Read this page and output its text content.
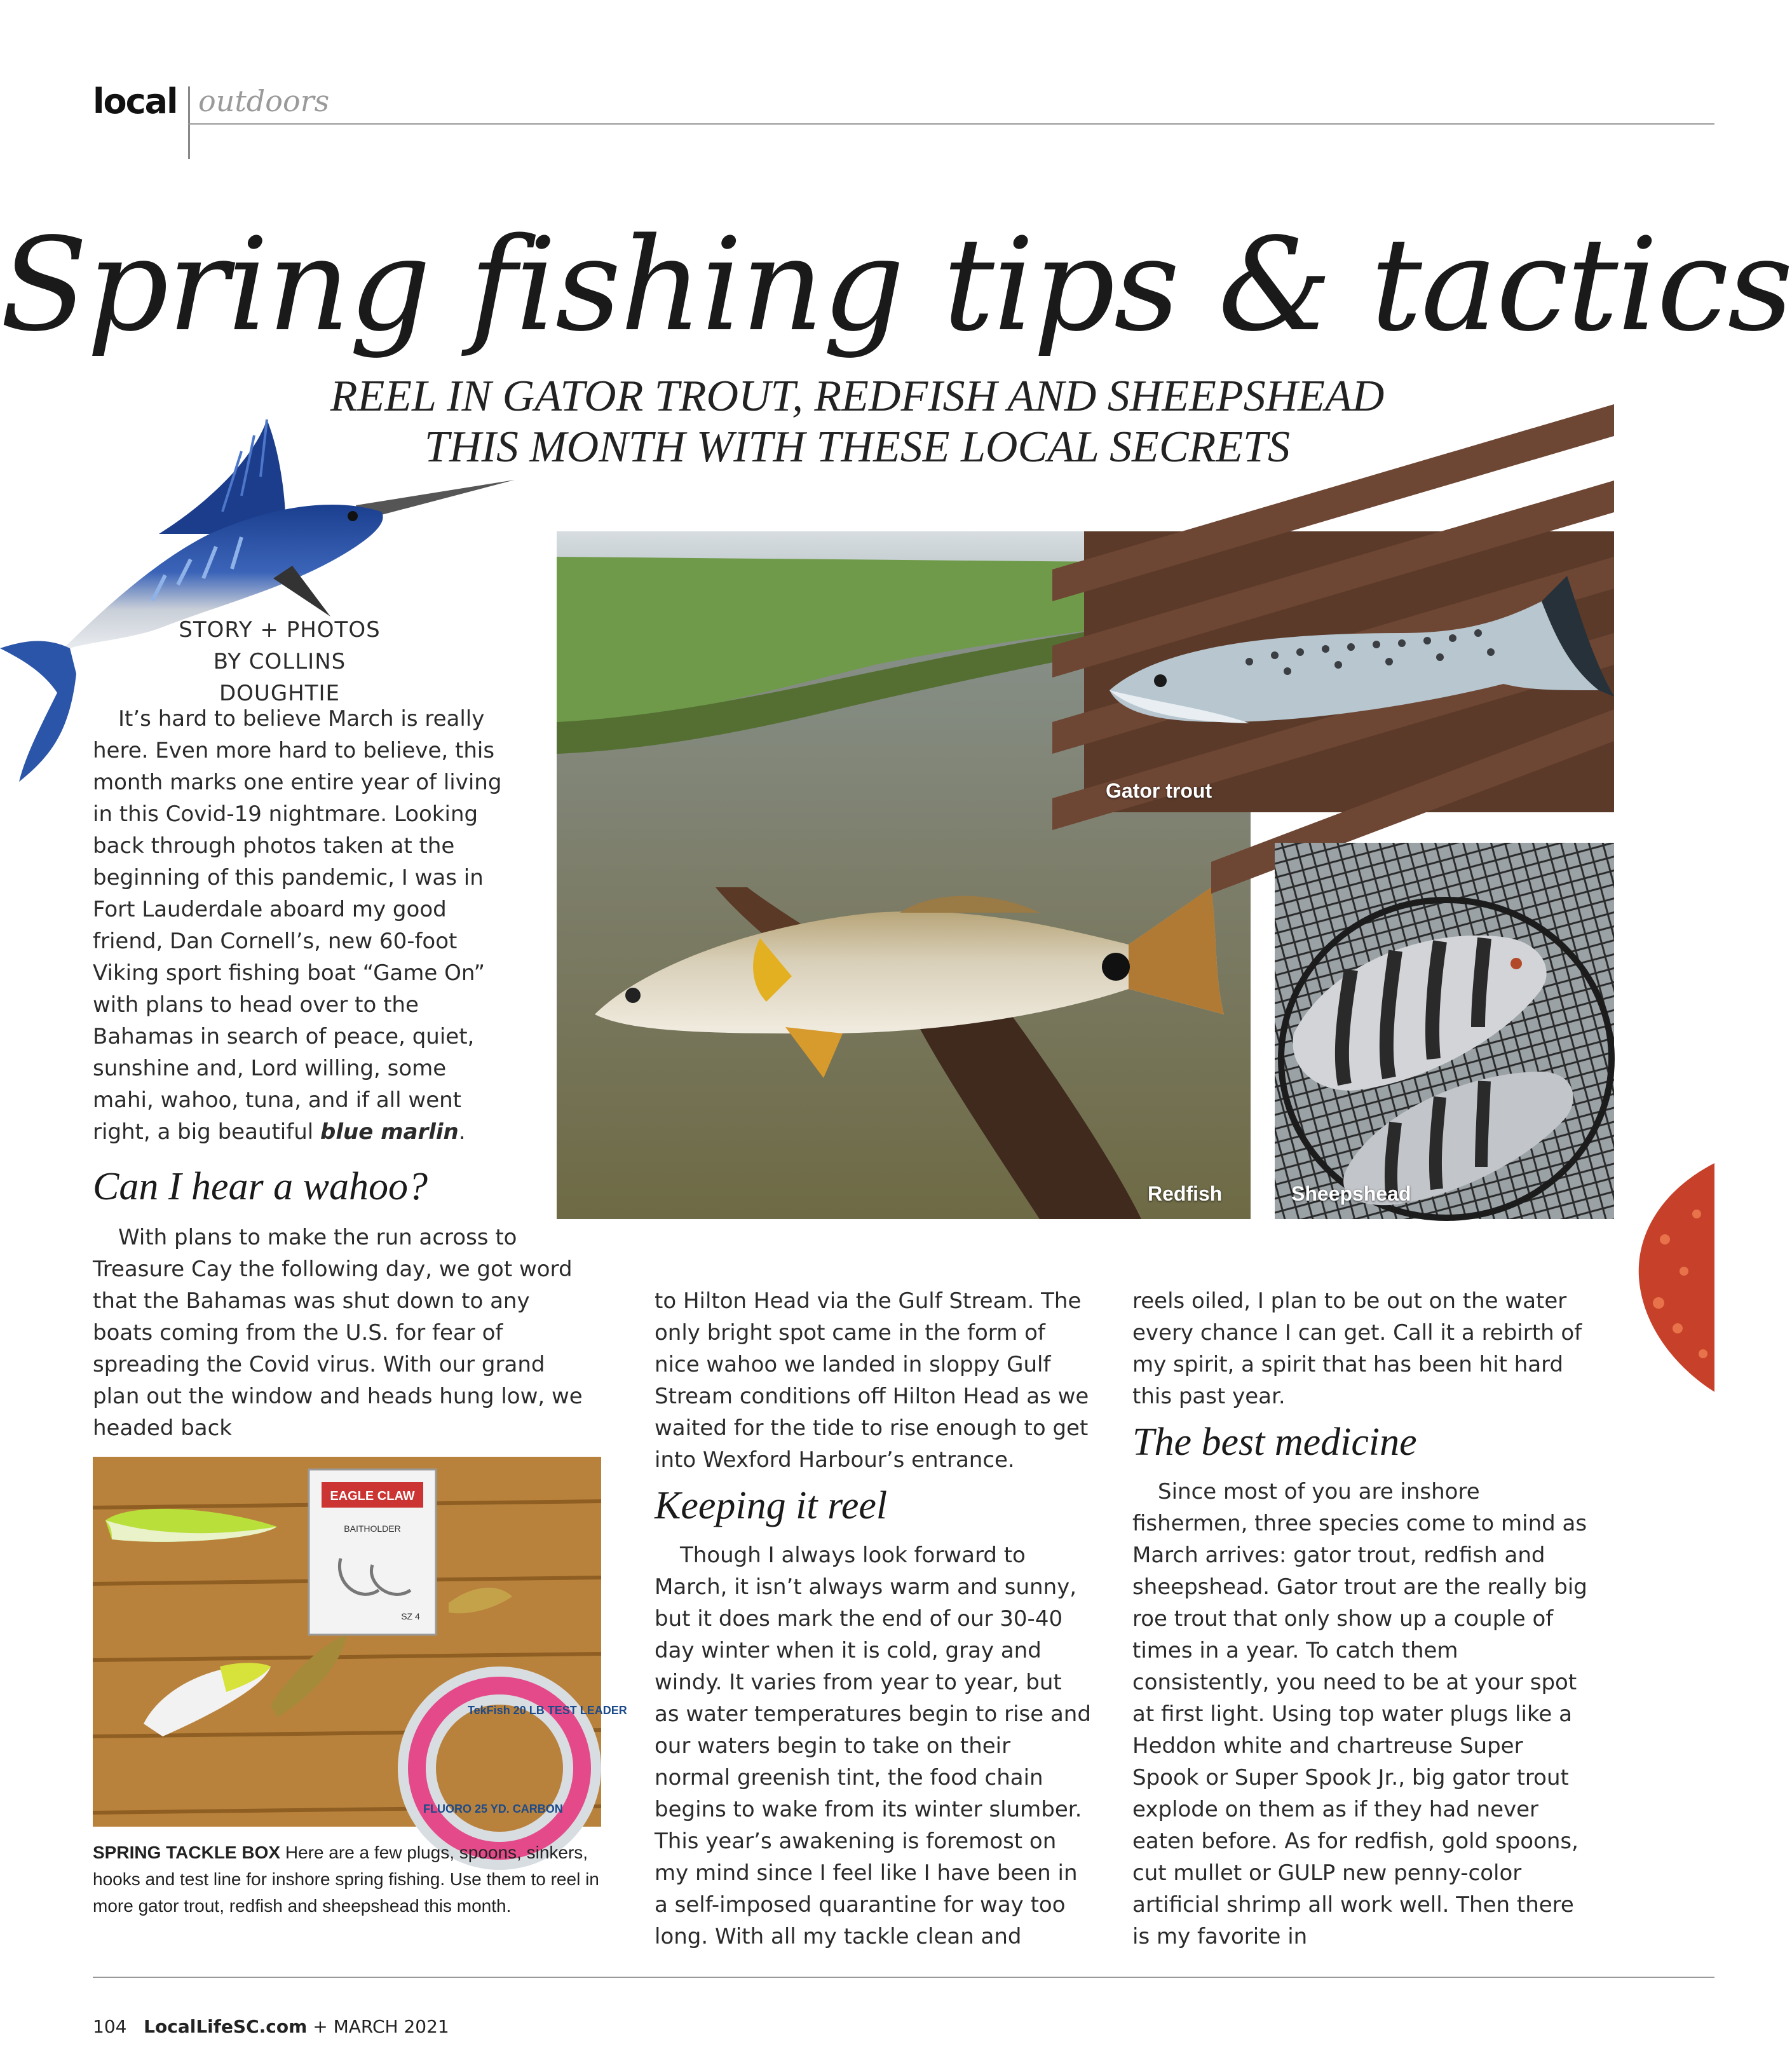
local outdoors
Spring fishing tips & tactics
REEL IN GATOR TROUT, REDFISH AND SHEEPSHEAD
THIS MONTH WITH THESE LOCAL SECRETS
STORY + PHOTOS
BY COLLINS DOUGHTIE

It’s hard to believe March is really here. Even more hard to believe, this month marks one entire year of living in this Covid-19 nightmare. Looking back through photos taken at the beginning of this pandemic, I was in Fort Lauderdale aboard my good friend, Dan Cornell’s, new 60-foot Viking sport fishing boat “Game On” with plans to head over to the Bahamas in search of peace, quiet, sunshine and, Lord willing, some mahi, wahoo, tuna, and if all went right, a big beautiful blue marlin.

Redfish
Gator trout
Sheepshead
Can I hear a wahoo?

With plans to make the run across to Treasure Cay the following day, we got word that the Bahamas was shut down to any boats coming from the U.S. for fear of spreading the Covid virus. With our grand plan out the window and heads hung low, we headed back

EAGLE CLAW
BAITHOLDER
SZ 4
TekFish 20 LB TEST LEADER
FLUORO 25 YD. CARBON
SPRING TACKLE BOX Here are a few plugs, spoons, sinkers, hooks and test line for inshore spring fishing. Use them to reel in more gator trout, redfish and sheepshead this month.

to Hilton Head via the Gulf Stream. The only bright spot came in the form of nice wahoo we landed in sloppy Gulf Stream conditions off Hilton Head as we waited for the tide to rise enough to get into Wexford Harbour’s entrance.

Keeping it reel

Though I always look forward to March, it isn’t always warm and sunny, but it does mark the end of our 30-40 day winter when it is cold, gray and windy. It varies from year to year, but as water temperatures begin to rise and our waters begin to take on their normal greenish tint, the food chain begins to wake from its winter slumber. This year’s awakening is foremost on my mind since I feel like I have been in a self-imposed quarantine for way too long. With all my tackle clean and

reels oiled, I plan to be out on the water every chance I can get. Call it a rebirth of my spirit, a spirit that has been hit hard this past year.

The best medicine

Since most of you are inshore fishermen, three species come to mind as March arrives: gator trout, redfish and sheepshead. Gator trout are the really big roe trout that only show up a couple of times in a year. To catch them consistently, you need to be at your spot at first light. Using top water plugs like a Heddon white and chartreuse Super Spook or Super Spook Jr., big gator trout explode on them as if they had never eaten before. As for redfish, gold spoons, cut mullet or GULP new penny-color artificial shrimp all work well. Then there is my favorite in

104 LocalLifeSC.com + MARCH 2021
